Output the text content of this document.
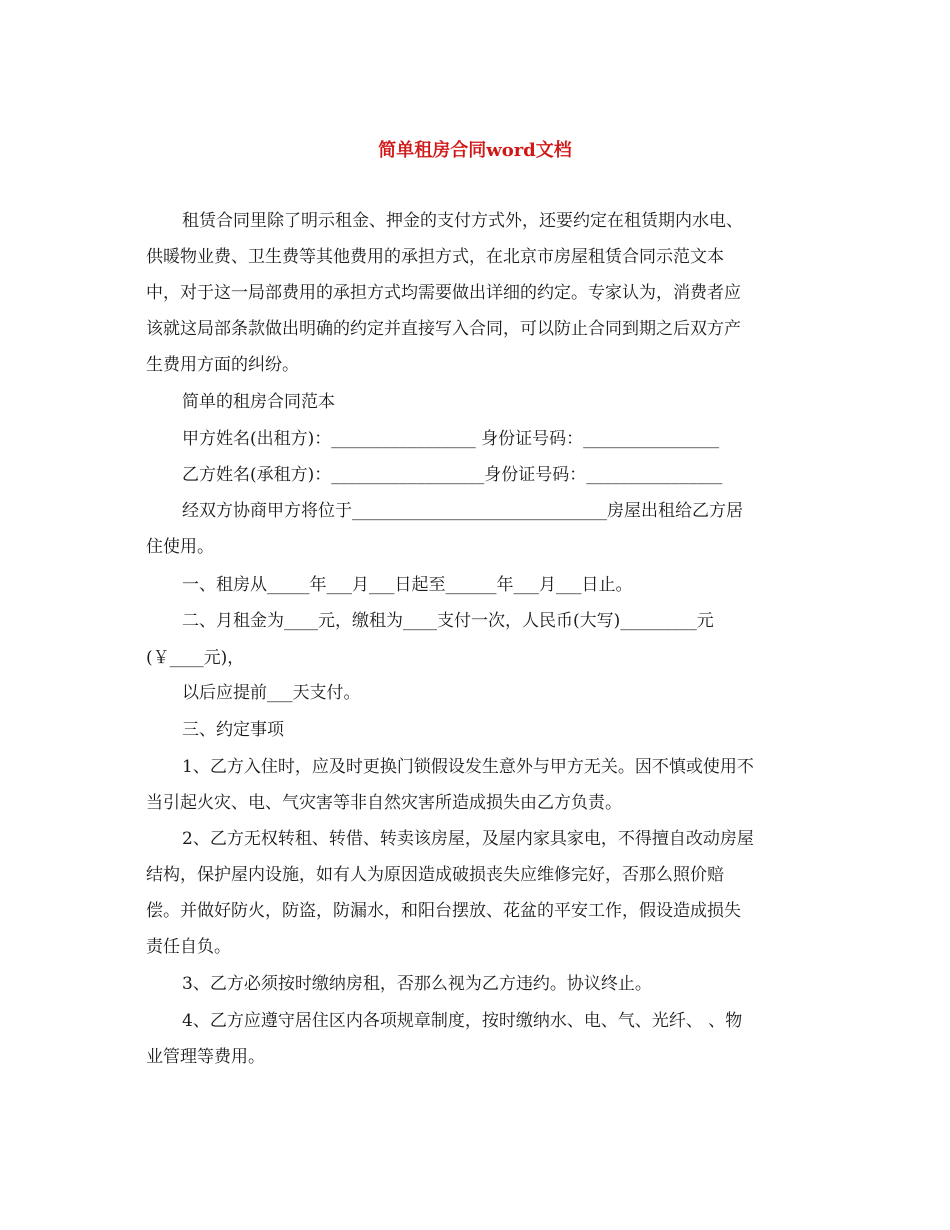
简单租房合同word文档
租赁合同里除了明示租金、押金的支付方式外，还要约定在租赁期内水电、
供暖物业费、卫生费等其他费用的承担方式，在北京市房屋租赁合同示范文本
中，对于这一局部费用的承担方式均需要做出详细的约定。专家认为，消费者应
该就这局部条款做出明确的约定并直接写入合同，可以防止合同到期之后双方产
生费用方面的纠纷。
简单的租房合同范本
甲方姓名(出租方)：_________________ 身份证号码：________________
乙方姓名(承租方)：__________________身份证号码：________________
经双方协商甲方将位于______________________________房屋出租给乙方居
住使用。
一、租房从_____年___月___日起至______年___月___日止。
二、月租金为____元，缴租为____支付一次，人民币(大写)_________元
(￥____元)，
以后应提前___天支付。
三、约定事项
1、乙方入住时，应及时更换门锁假设发生意外与甲方无关。因不慎或使用不
当引起火灾、电、气灾害等非自然灾害所造成损失由乙方负责。
2、乙方无权转租、转借、转卖该房屋，及屋内家具家电，不得擅自改动房屋
结构，保护屋内设施，如有人为原因造成破损丧失应维修完好，否那么照价赔
偿。并做好防火，防盗，防漏水，和阳台摆放、花盆的平安工作，假设造成损失
责任自负。
3、乙方必须按时缴纳房租，否那么视为乙方违约。协议终止。
4、乙方应遵守居住区内各项规章制度，按时缴纳水、电、气、光纤、 、物
业管理等费用。
